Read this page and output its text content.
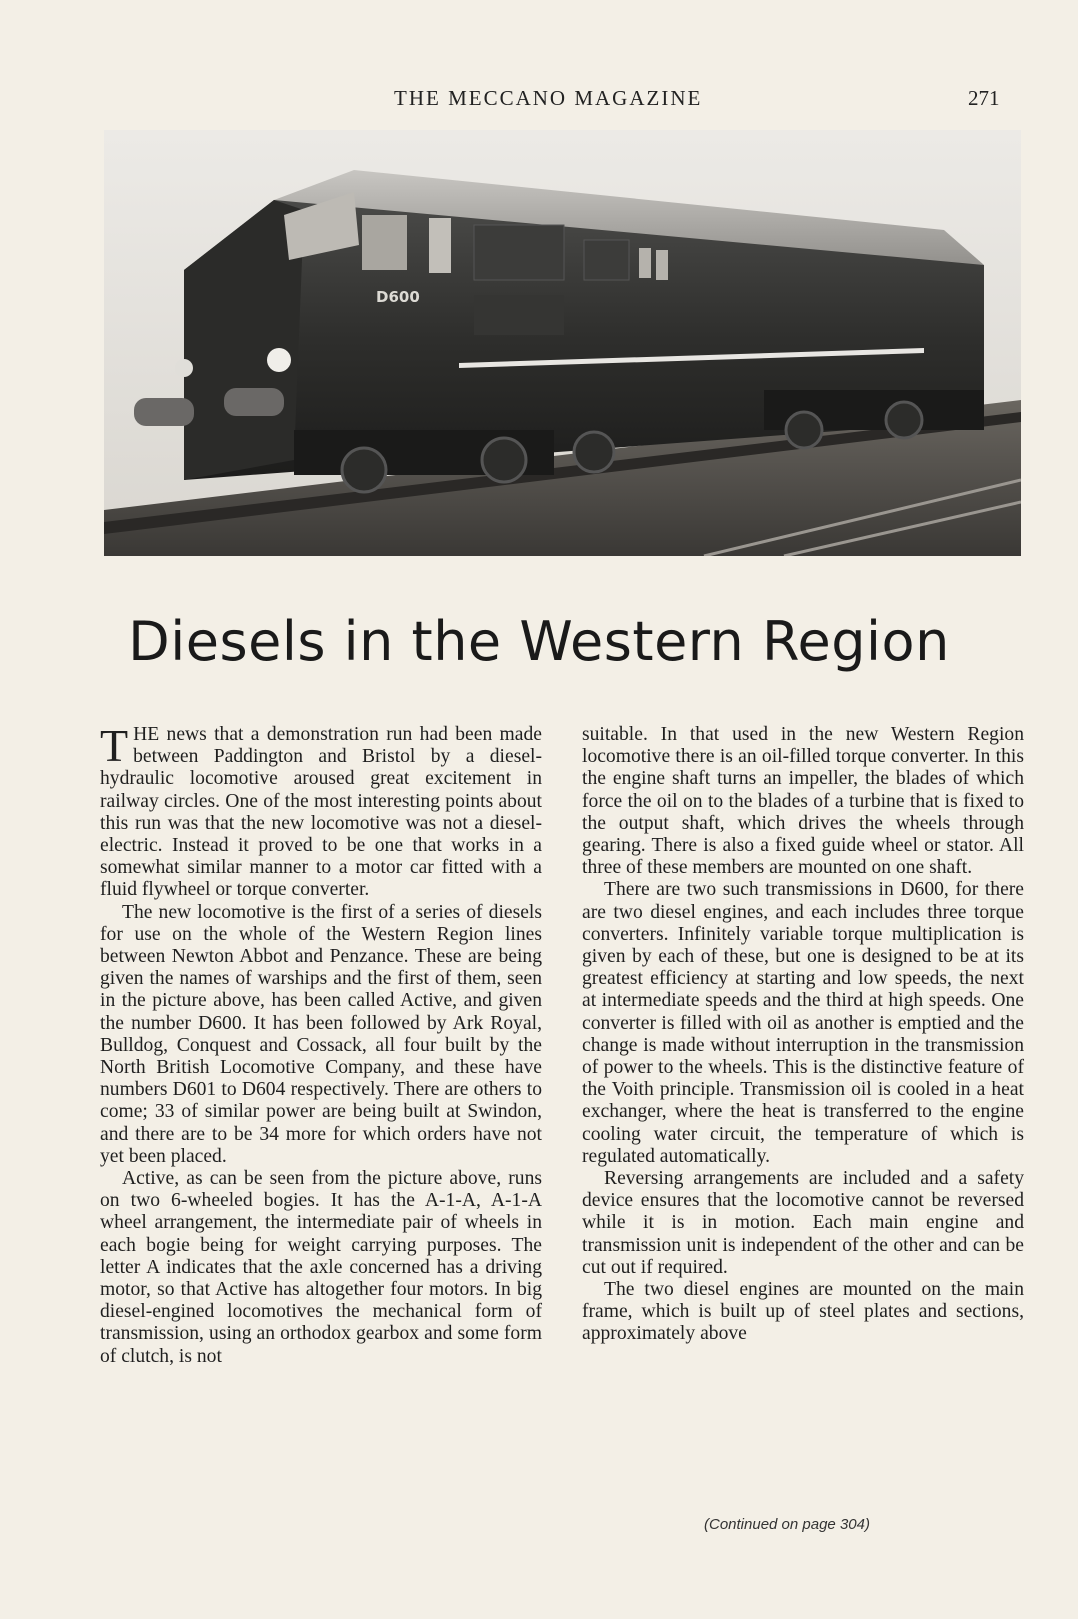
THE MECCANO MAGAZINE	271
D600
Diesels in the Western Region

THE news that a demonstration run had been made between Paddington and Bristol by a diesel-hydraulic locomotive aroused great excitement in railway circles. One of the most interesting points about this run was that the new locomotive was not a diesel-electric. Instead it proved to be one that works in a somewhat similar manner to a motor car fitted with a fluid flywheel or torque converter.

The new locomotive is the first of a series of diesels for use on the whole of the Western Region lines between Newton Abbot and Penzance. These are being given the names of warships and the first of them, seen in the picture above, has been called Active, and given the number D600. It has been followed by Ark Royal, Bulldog, Conquest and Cossack, all four built by the North British Locomotive Company, and these have numbers D601 to D604 respectively. There are others to come; 33 of similar power are being built at Swindon, and there are to be 34 more for which orders have not yet been placed.

Active, as can be seen from the picture above, runs on two 6-wheeled bogies. It has the A-1-A, A-1-A wheel arrangement, the intermediate pair of wheels in each bogie being for weight carrying purposes. The letter A indicates that the axle concerned has a driving motor, so that Active has altogether four motors. In big diesel-engined locomotives the mechanical form of transmission, using an orthodox gearbox and some form of clutch, is not

suitable. In that used in the new Western Region locomotive there is an oil-filled torque converter. In this the engine shaft turns an impeller, the blades of which force the oil on to the blades of a turbine that is fixed to the output shaft, which drives the wheels through gearing. There is also a fixed guide wheel or stator. All three of these members are mounted on one shaft.

There are two such transmissions in D600, for there are two diesel engines, and each includes three torque converters. Infinitely variable torque multiplication is given by each of these, but one is designed to be at its greatest efficiency at starting and low speeds, the next at intermediate speeds and the third at high speeds. One converter is filled with oil as another is emptied and the change is made without interruption in the transmission of power to the wheels. This is the distinctive feature of the Voith principle. Transmission oil is cooled in a heat exchanger, where the heat is transferred to the engine cooling water circuit, the temperature of which is regulated automatically.

Reversing arrangements are included and a safety device ensures that the locomotive cannot be reversed while it is in motion. Each main engine and transmission unit is independent of the other and can be cut out if required.

The two diesel engines are mounted on the main frame, which is built up of steel plates and sections, approximately above

(Continued on page 304)
